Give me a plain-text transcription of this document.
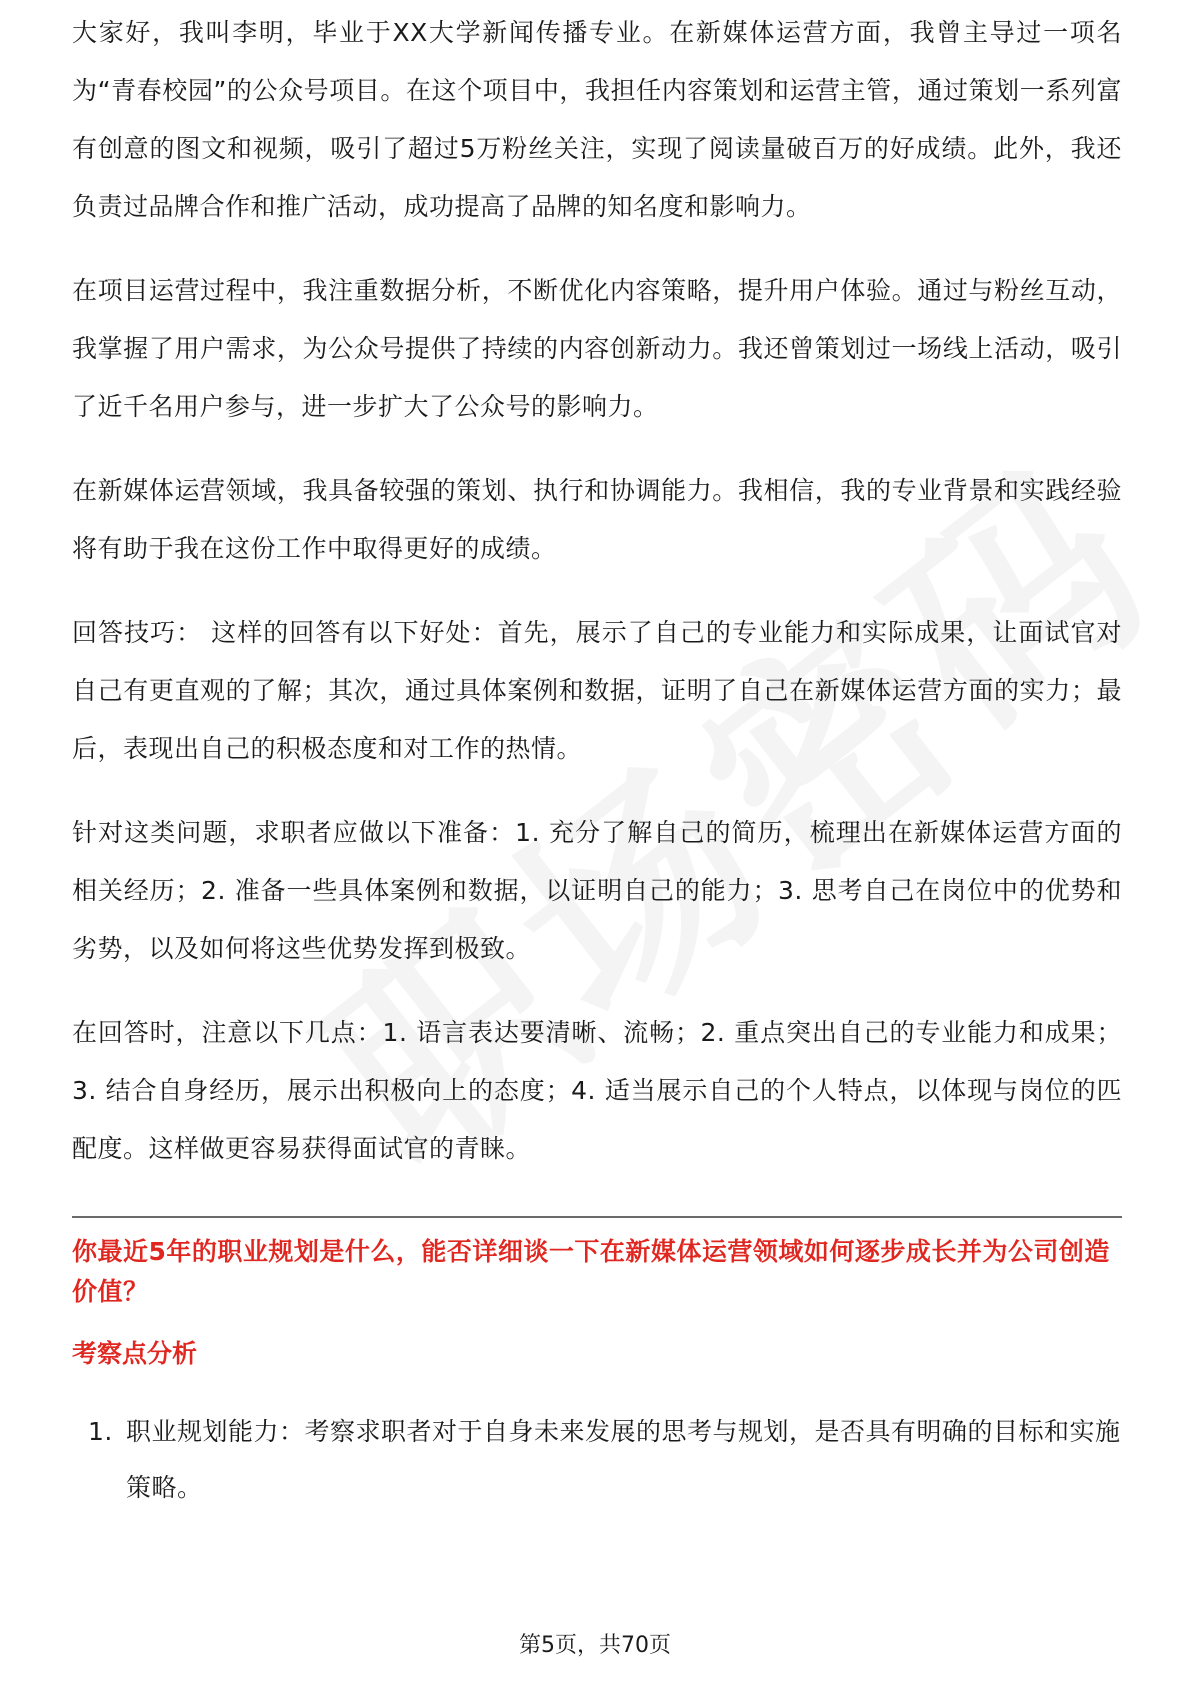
大家好，我叫李明，毕业于XX大学新闻传播专业。在新媒体运营方面，我曾主导过一项名为“青春校园”的公众号项目。在这个项目中，我担任内容策划和运营主管，通过策划一系列富有创意的图文和视频，吸引了超过5万粉丝关注，实现了阅读量破百万的好成绩。此外，我还负责过品牌合作和推广活动，成功提高了品牌的知名度和影响力。

在项目运营过程中，我注重数据分析，不断优化内容策略，提升用户体验。通过与粉丝互动，我掌握了用户需求，为公众号提供了持续的内容创新动力。我还曾策划过一场线上活动，吸引了近千名用户参与，进一步扩大了公众号的影响力。

在新媒体运营领域，我具备较强的策划、执行和协调能力。我相信，我的专业背景和实践经验将有助于我在这份工作中取得更好的成绩。

回答技巧： 这样的回答有以下好处：首先，展示了自己的专业能力和实际成果，让面试官对自己有更直观的了解；其次，通过具体案例和数据，证明了自己在新媒体运营方面的实力；最后，表现出自己的积极态度和对工作的热情。

针对这类问题，求职者应做以下准备：1. 充分了解自己的简历，梳理出在新媒体运营方面的相关经历；2. 准备一些具体案例和数据，以证明自己的能力；3. 思考自己在岗位中的优势和劣势，以及如何将这些优势发挥到极致。

在回答时，注意以下几点：1. 语言表达要清晰、流畅；2. 重点突出自己的专业能力和成果；3. 结合自身经历，展示出积极向上的态度；4. 适当展示自己的个人特点，以体现与岗位的匹配度。这样做更容易获得面试官的青睐。

你最近5年的职业规划是什么，能否详细谈一下在新媒体运营领域如何逐步成长并为公司创造价值？

考察点分析
1. 职业规划能力：考察求职者对于自身未来发展的思考与规划，是否具有明确的目标和实施策略。
第5页，共70页
